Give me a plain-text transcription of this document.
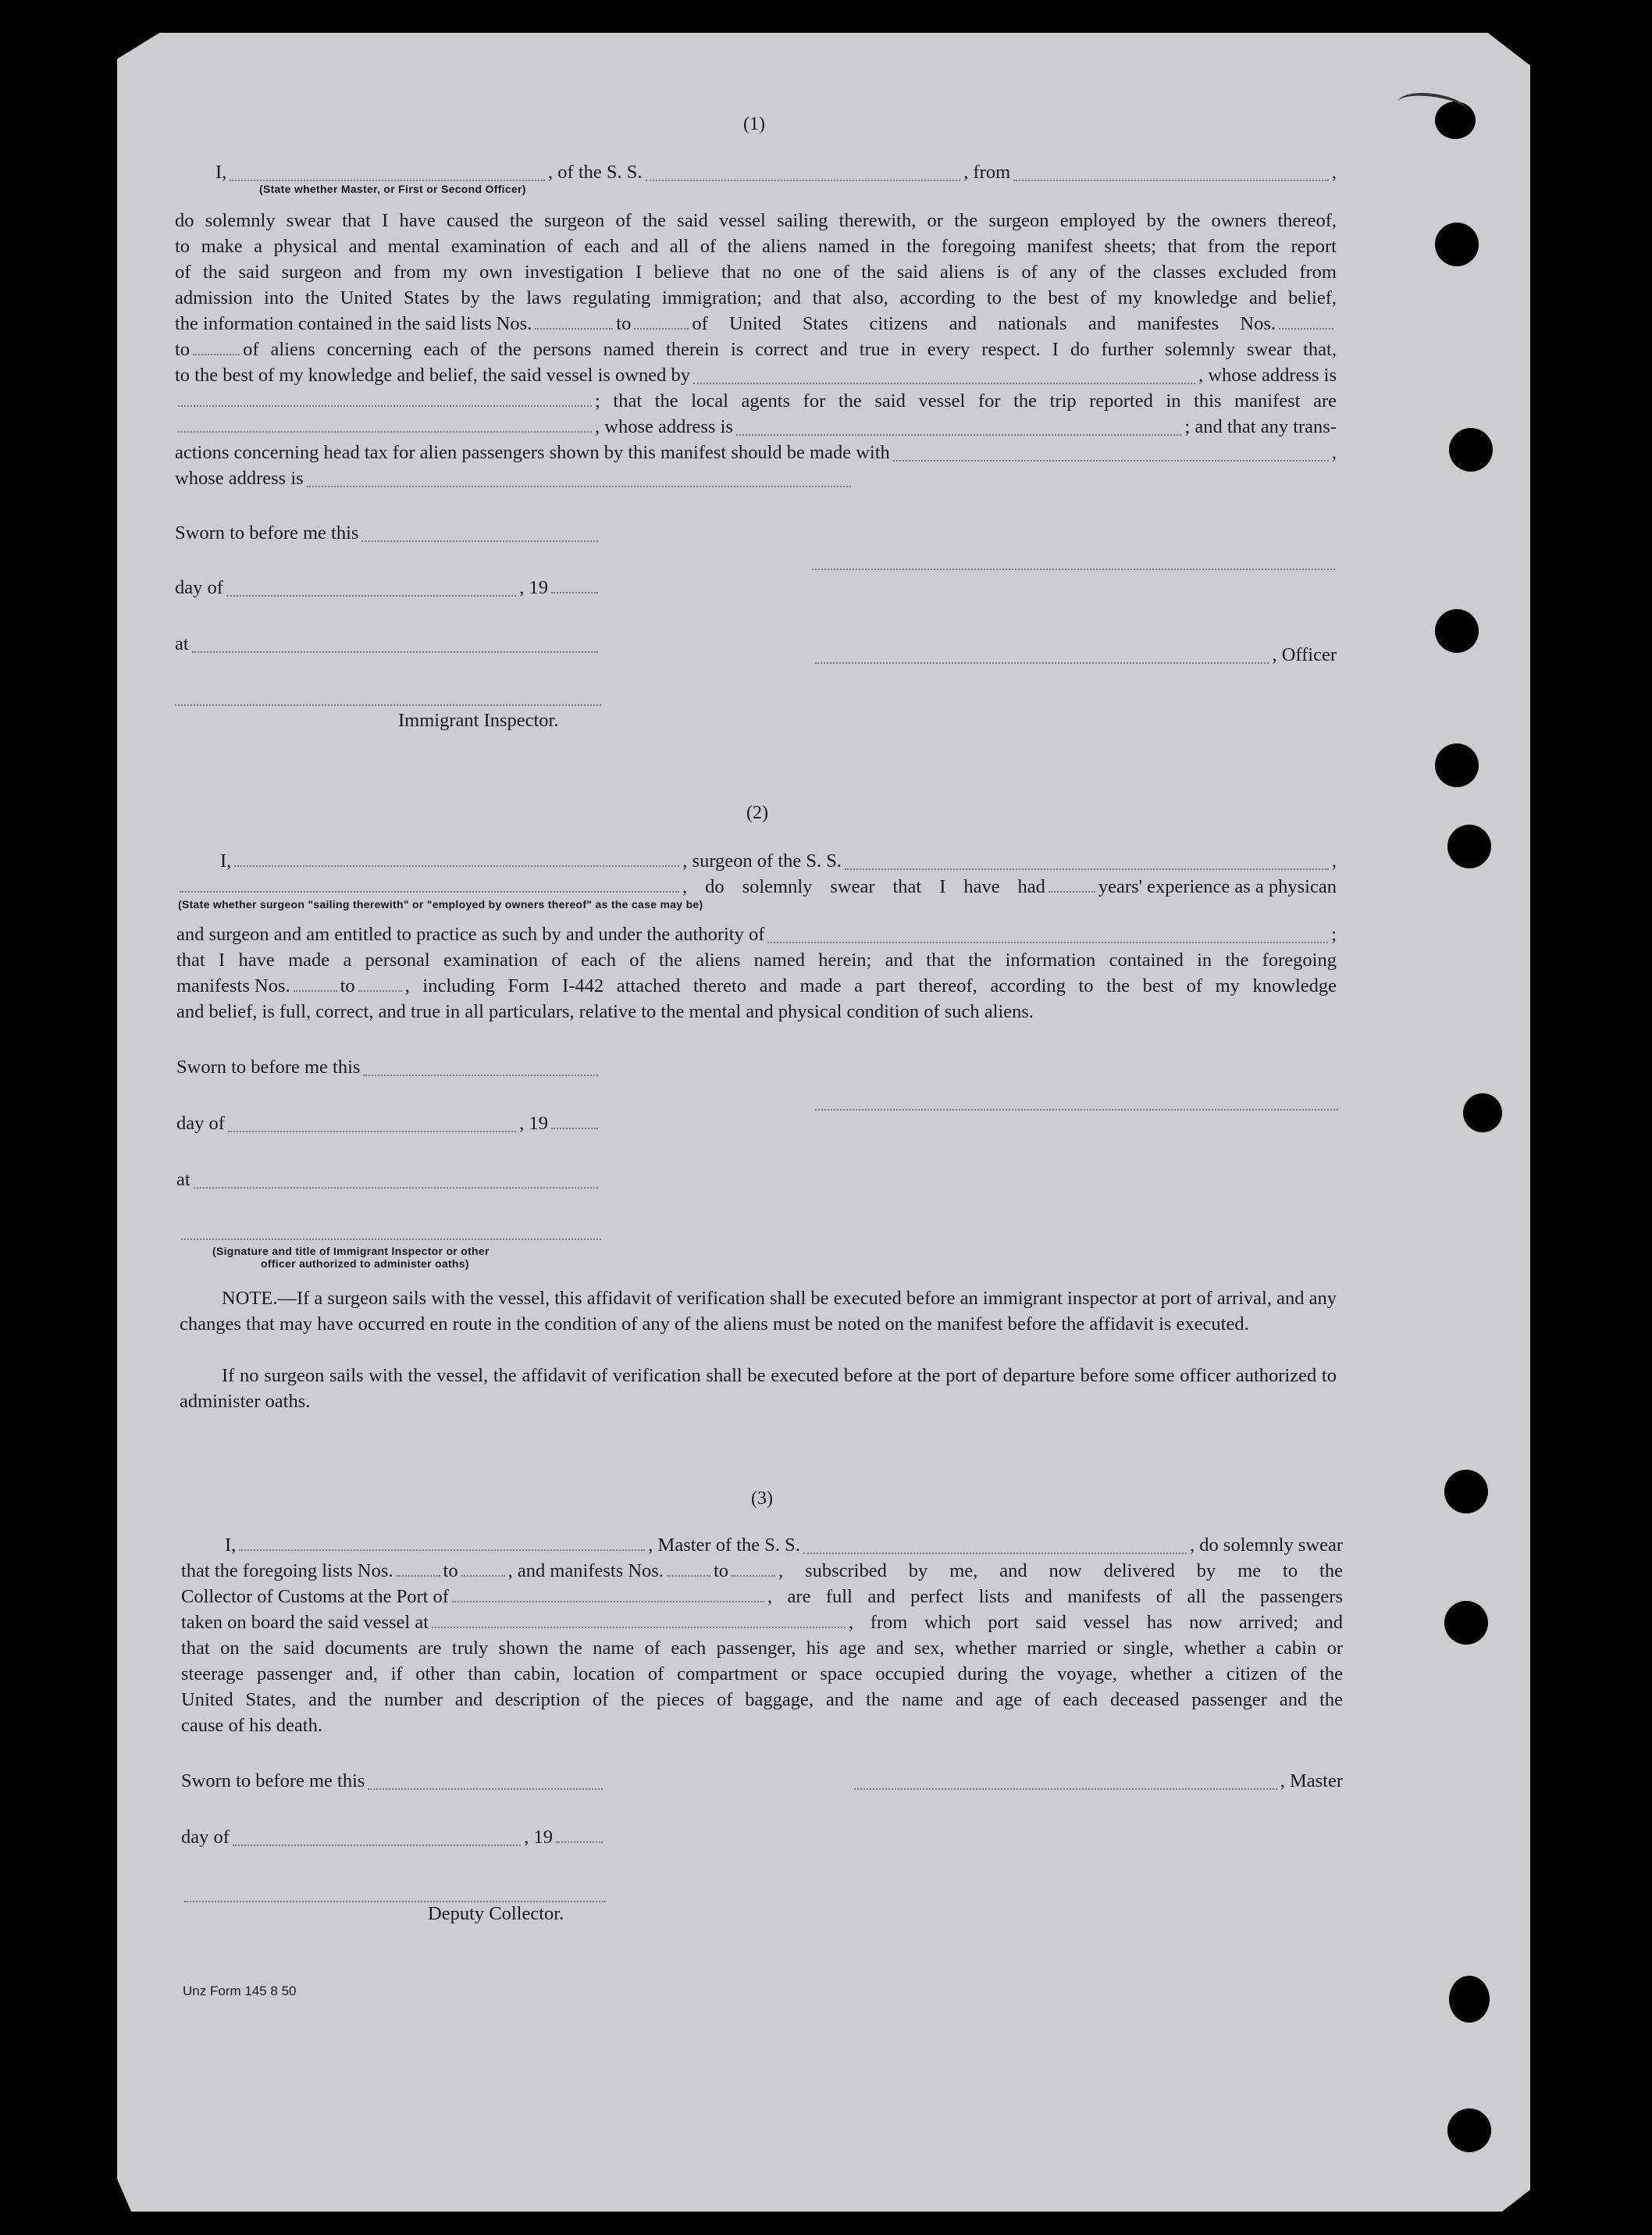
(1)
I,	, of the S. S.	, from	,
(State whether Master, or First or Second Officer)
do solemnly swear that I have caused the surgeon of the said vessel sailing therewith, or the surgeon employed by the owners thereof,
to make a physical and mental examination of each and all of the aliens named in the foregoing manifest sheets; that from the report
of the said surgeon and from my own investigation I believe that no one of the said aliens is of any of the classes excluded from
admission into the United States by the laws regulating immigration; and that also, according to the best of my knowledge and belief,
the information contained in the said lists Nos.	to	of United States citizens and nationals and manifestes Nos.
to	of aliens concerning each of the persons named therein is correct and true in every respect. I do further solemnly swear that,
to the best of my knowledge and belief, the said vessel is owned by	, whose address is
; that the local agents for the said vessel for the trip reported in this manifest are
, whose address is	; and that any trans-
actions concerning head tax for alien passengers shown by this manifest should be made with	,
whose address is
Sworn to before me this
day of	, 19
at
, Officer
Immigrant Inspector.
(2)
I,	, surgeon of the S. S.	,
, do solemnly swear that I have had	years' experience as a physican
(State whether surgeon "sailing therewith" or "employed by owners thereof" as the case may be)
and surgeon and am entitled to practice as such by and under the authority of	;
that I have made a personal examination of each of the aliens named herein; and that the information contained in the foregoing
manifests Nos.	to	, including Form I-442 attached thereto and made a part thereof, according to the best of my knowledge
and belief, is full, correct, and true in all particulars, relative to the mental and physical condition of such aliens.
Sworn to before me this
day of	, 19
at
(Signature and title of Immigrant Inspector or other
officer authorized to administer oaths)
NOTE.—If a surgeon sails with the vessel, this affidavit of verification shall be executed before an immigrant inspector at port of arrival, and any changes that may have occurred en route in the condition of any of the aliens must be noted on the manifest before the affidavit is executed.
If no surgeon sails with the vessel, the affidavit of verification shall be executed before at the port of departure before some officer authorized to administer oaths.
(3)
I,	, Master of the S. S.	, do solemnly swear
that the foregoing lists Nos.	to	, and manifests Nos.	to	, subscribed by me, and now delivered by me to the
Collector of Customs at the Port of	, are full and perfect lists and manifests of all the passengers
taken on board the said vessel at	, from which port said vessel has now arrived; and
that on the said documents are truly shown the name of each passenger, his age and sex, whether married or single, whether a cabin or
steerage passenger and, if other than cabin, location of compartment or space occupied during the voyage, whether a citizen of the
United States, and the number and description of the pieces of baggage, and the name and age of each deceased passenger and the
cause of his death.
Sworn to before me this	, Master
day of	, 19
Deputy Collector.
Unz Form 145 8 50
